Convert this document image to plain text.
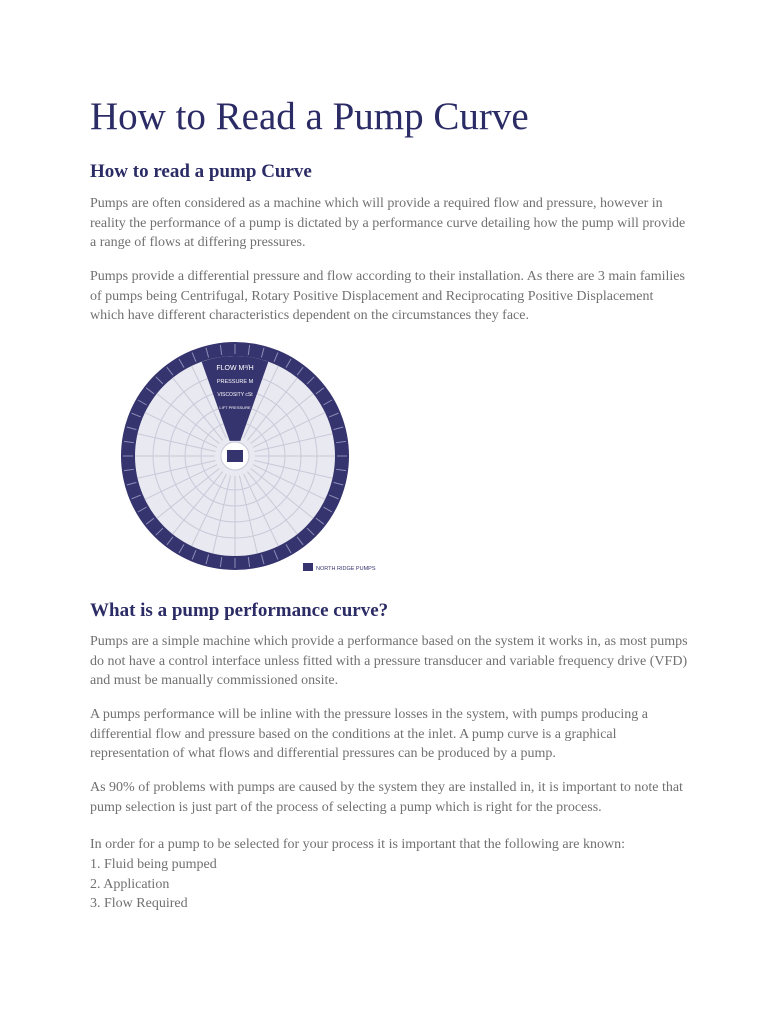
How to Read a Pump Curve
How to read a pump Curve

Pumps are often considered as a machine which will provide a required flow and pressure, however in reality the performance of a pump is dictated by a performance curve detailing how the pump will provide a range of flows at differing pressures.

Pumps provide a differential pressure and flow according to their installation. As there are 3 main families of pumps being Centrifugal, Rotary Positive Displacement and Reciprocating Positive Displacement which have different characteristics dependent on the circumstances they face.

FLOW M³/H
PRESSURE M
VISCOSITY cSt
LIFT PRESSURE
NORTH RIDGE PUMPS
What is a pump performance curve?

Pumps are a simple machine which provide a performance based on the system it works in, as most pumps do not have a control interface unless fitted with a pressure transducer and variable frequency drive (VFD) and must be manually commissioned onsite.

A pumps performance will be inline with the pressure losses in the system, with pumps producing a differential flow and pressure based on the conditions at the inlet. A pump curve is a graphical representation of what flows and differential pressures can be produced by a pump.

As 90% of problems with pumps are caused by the system they are installed in, it is important to note that pump selection is just part of the process of selecting a pump which is right for the process.

In order for a pump to be selected for your process it is important that the following are known:

1. Fluid being pumped
2. Application
3. Flow Required
